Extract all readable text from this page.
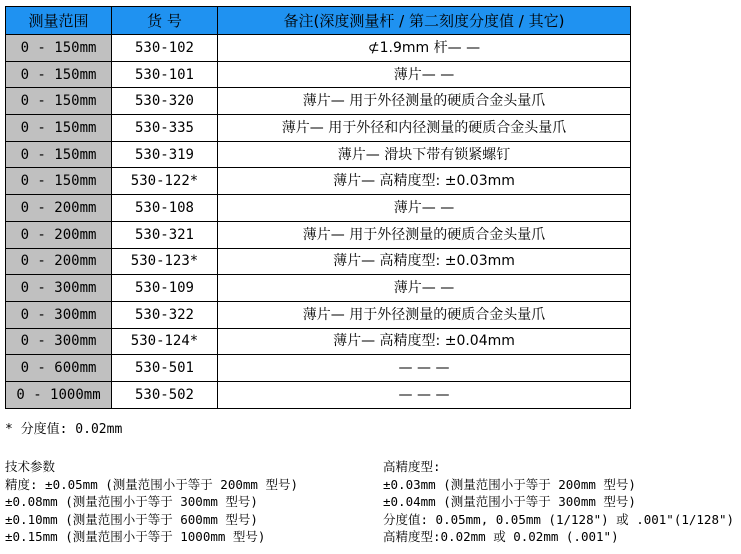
测量范围	货 号	备注(深度测量杆 / 第二刻度分度值 / 其它)
0 - 150mm	530-102	⊄1.9mm 杆— —
0 - 150mm	530-101	薄片— —
0 - 150mm	530-320	薄片— 用于外径测量的硬质合金头量爪
0 - 150mm	530-335	薄片— 用于外径和内径测量的硬质合金头量爪
0 - 150mm	530-319	薄片— 滑块下带有锁紧螺钉
0 - 150mm	530-122*	薄片— 高精度型: ±0.03mm
0 - 200mm	530-108	薄片— —
0 - 200mm	530-321	薄片— 用于外径测量的硬质合金头量爪
0 - 200mm	530-123*	薄片— 高精度型: ±0.03mm
0 - 300mm	530-109	薄片— —
0 - 300mm	530-322	薄片— 用于外径测量的硬质合金头量爪
0 - 300mm	530-124*	薄片— 高精度型: ±0.04mm
0 - 600mm	530-501	— — —
0 - 1000mm	530-502	— — —
* 分度值: 0.02mm
技术参数
精度: ±0.05mm (测量范围小于等于 200mm 型号)
±0.08mm (测量范围小于等于 300mm 型号)
±0.10mm (测量范围小于等于 600mm 型号)
±0.15mm (测量范围小于等于 1000mm 型号)
高精度型:
±0.03mm (测量范围小于等于 200mm 型号)
±0.04mm (测量范围小于等于 300mm 型号)
分度值: 0.05mm, 0.05mm (1/128") 或 .001"(1/128")
高精度型:0.02mm 或 0.02mm (.001")
